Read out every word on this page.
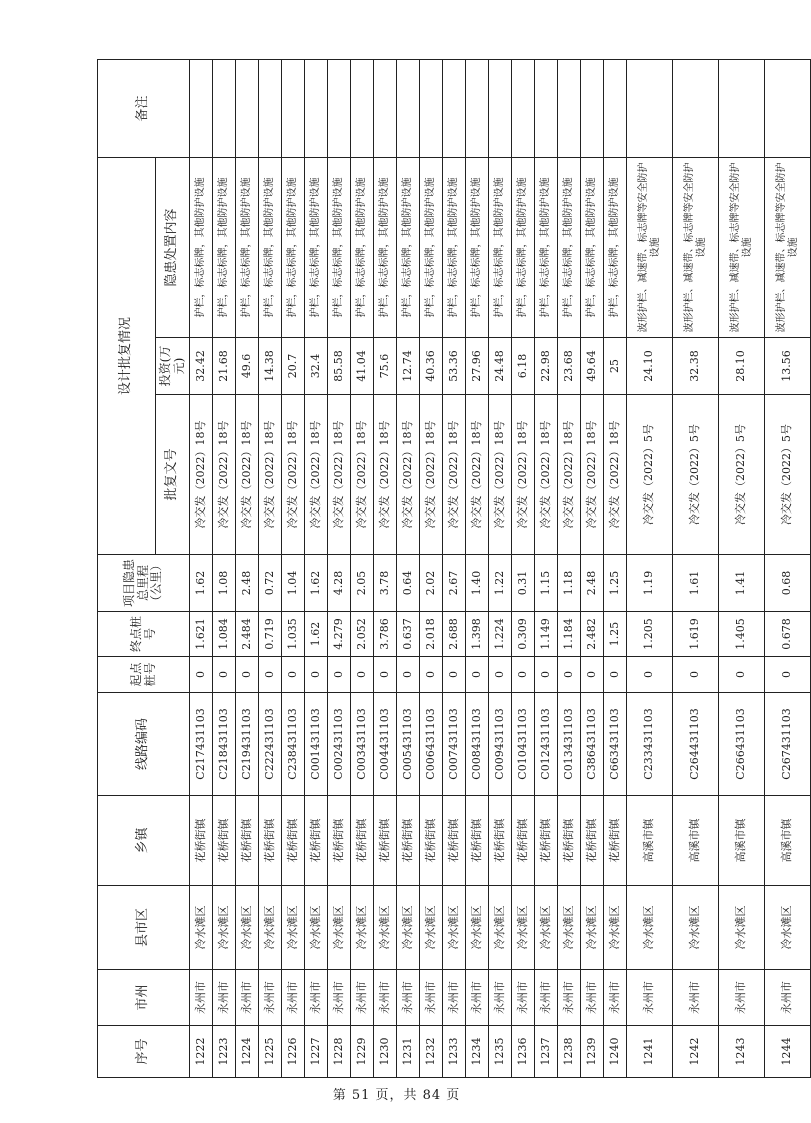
序号	市州	县市区	乡镇	线路编码	起点桩号	终点桩号	项目隐患总里程（公里）	设计批复情况			备注
								批复文号	投资(万元)	隐患处置内容	
1222	永州市	冷水滩区	花桥街镇	C217431103	0	1.621	1.62	冷交发（2022）18号	32.42	护栏，标志标牌，其他防护设施	
1223	永州市	冷水滩区	花桥街镇	C218431103	0	1.084	1.08	冷交发（2022）18号	21.68	护栏，标志标牌，其他防护设施	
1224	永州市	冷水滩区	花桥街镇	C219431103	0	2.484	2.48	冷交发（2022）18号	49.6	护栏，标志标牌，其他防护设施	
1225	永州市	冷水滩区	花桥街镇	C222431103	0	0.719	0.72	冷交发（2022）18号	14.38	护栏，标志标牌，其他防护设施	
1226	永州市	冷水滩区	花桥街镇	C238431103	0	1.035	1.04	冷交发（2022）18号	20.7	护栏，标志标牌，其他防护设施	
1227	永州市	冷水滩区	花桥街镇	C001431103	0	1.62	1.62	冷交发（2022）18号	32.4	护栏，标志标牌，其他防护设施	
1228	永州市	冷水滩区	花桥街镇	C002431103	0	4.279	4.28	冷交发（2022）18号	85.58	护栏，标志标牌，其他防护设施	
1229	永州市	冷水滩区	花桥街镇	C003431103	0	2.052	2.05	冷交发（2022）18号	41.04	护栏，标志标牌，其他防护设施	
1230	永州市	冷水滩区	花桥街镇	C004431103	0	3.786	3.78	冷交发（2022）18号	75.6	护栏，标志标牌，其他防护设施	
1231	永州市	冷水滩区	花桥街镇	C005431103	0	0.637	0.64	冷交发（2022）18号	12.74	护栏，标志标牌，其他防护设施	
1232	永州市	冷水滩区	花桥街镇	C006431103	0	2.018	2.02	冷交发（2022）18号	40.36	护栏，标志标牌，其他防护设施	
1233	永州市	冷水滩区	花桥街镇	C007431103	0	2.688	2.67	冷交发（2022）18号	53.36	护栏，标志标牌，其他防护设施	
1234	永州市	冷水滩区	花桥街镇	C008431103	0	1.398	1.40	冷交发（2022）18号	27.96	护栏，标志标牌，其他防护设施	
1235	永州市	冷水滩区	花桥街镇	C009431103	0	1.224	1.22	冷交发（2022）18号	24.48	护栏，标志标牌，其他防护设施	
1236	永州市	冷水滩区	花桥街镇	C010431103	0	0.309	0.31	冷交发（2022）18号	6.18	护栏，标志标牌，其他防护设施	
1237	永州市	冷水滩区	花桥街镇	C012431103	0	1.149	1.15	冷交发（2022）18号	22.98	护栏，标志标牌，其他防护设施	
1238	永州市	冷水滩区	花桥街镇	C013431103	0	1.184	1.18	冷交发（2022）18号	23.68	护栏，标志标牌，其他防护设施	
1239	永州市	冷水滩区	花桥街镇	C386431103	0	2.482	2.48	冷交发（2022）18号	49.64	护栏，标志标牌，其他防护设施	
1240	永州市	冷水滩区	花桥街镇	C663431103	0	1.25	1.25	冷交发（2022）18号	25	护栏，标志标牌，其他防护设施	
1241	永州市	冷水滩区	高溪市镇	C233431103	0	1.205	1.19	冷交发（2022）5号	24.10	波形护栏、减速带、标志牌等安全防护设施	
1242	永州市	冷水滩区	高溪市镇	C264431103	0	1.619	1.61	冷交发（2022）5号	32.38	波形护栏、减速带、标志牌等安全防护设施	
1243	永州市	冷水滩区	高溪市镇	C266431103	0	1.405	1.41	冷交发（2022）5号	28.10	波形护栏、减速带、标志牌等安全防护设施	
1244	永州市	冷水滩区	高溪市镇	C267431103	0	0.678	0.68	冷交发（2022）5号	13.56	波形护栏、减速带、标志牌等安全防护设施	
第 51 页，共 84 页
